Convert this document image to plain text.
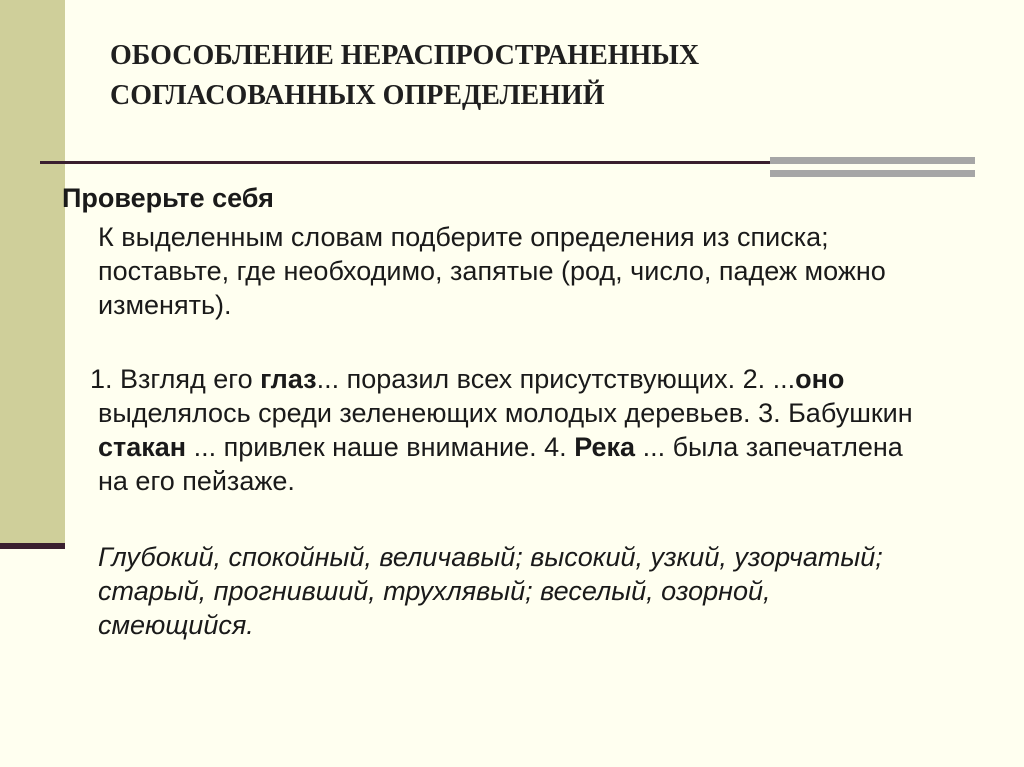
ОБОСОБЛЕНИЕ НЕРАСПРОСТРАНЕННЫХ
СОГЛАСОВАННЫХ ОПРЕДЕЛЕНИЙ
Проверьте себя

К выделенным словам подберите определения из списка; поставьте, где необходимо, запятые (род, число, падеж можно изменять).

1. Взгляд его глаз... поразил всех присутствующих. 2. ...оно выделялось среди зеленеющих молодых деревьев. 3. Бабушкин стакан ... привлек наше внимание. 4. Река ... была запечатлена на его пейзаже.

Глубокий, спокойный, величавый; высокий, узкий, узорчатый; старый, прогнивший, трухлявый; веселый, озорной, смеющийся.
